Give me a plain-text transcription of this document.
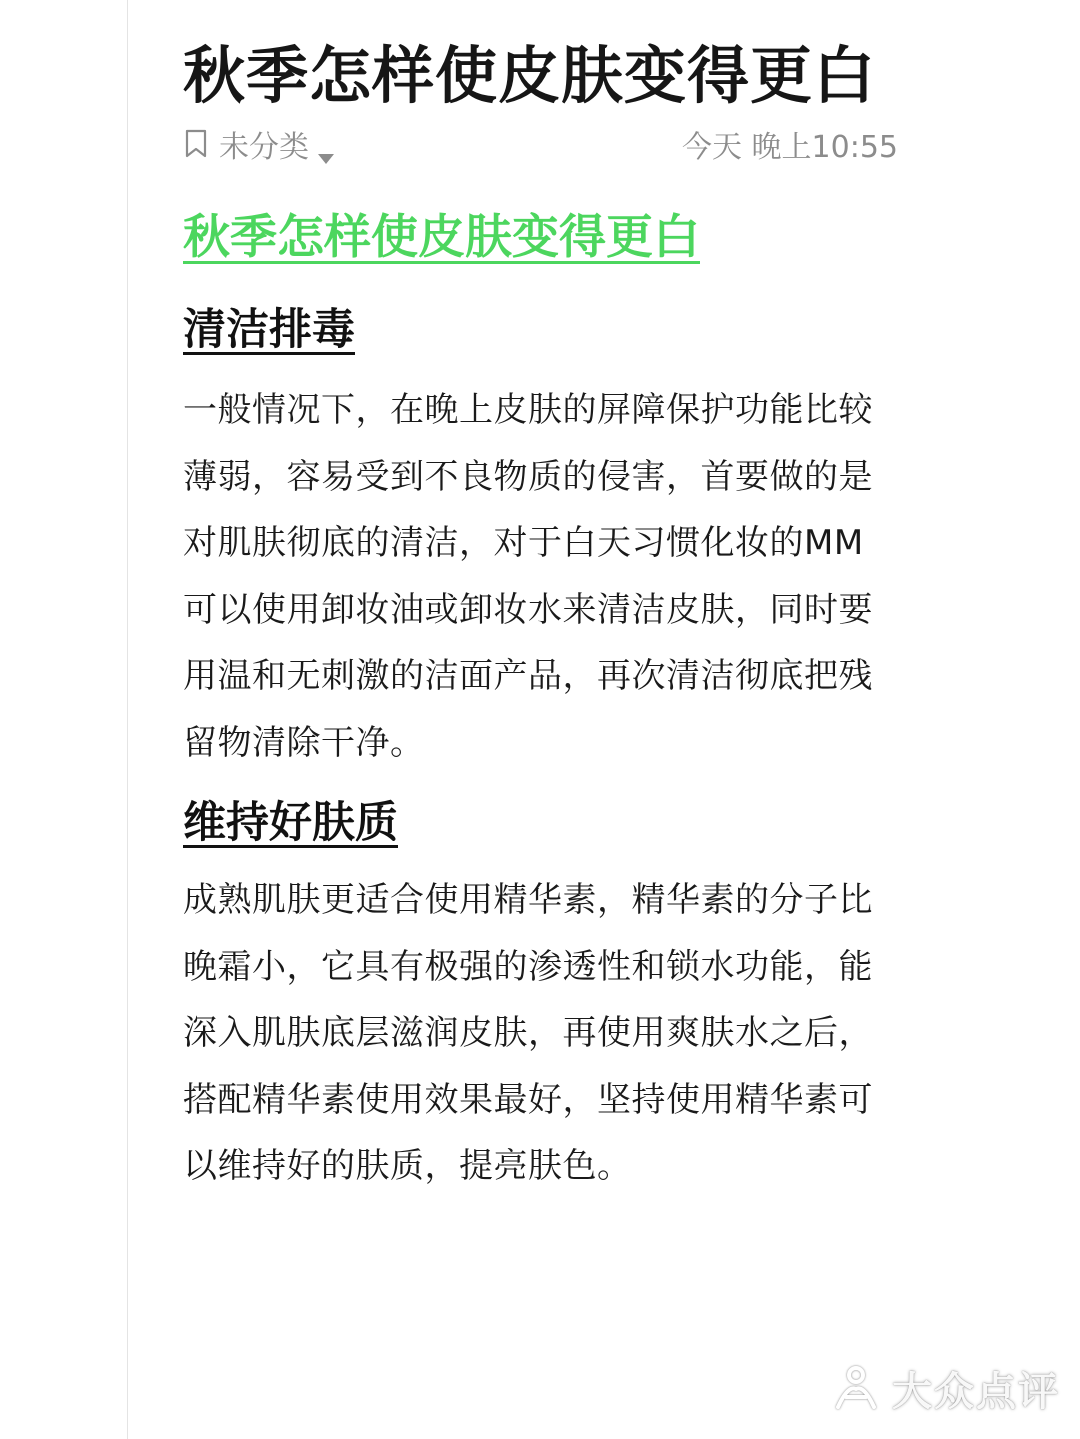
秋季怎样使皮肤变得更白
未分类	今天 晚上10:55
秋季怎样使皮肤变得更白
清洁排毒

一般情况下，在晚上皮肤的屏障保护功能比较薄弱，容易受到不良物质的侵害，首要做的是对肌肤彻底的清洁，对于白天习惯化妆的MM可以使用卸妆油或卸妆水来清洁皮肤，同时要用温和无刺激的洁面产品，再次清洁彻底把残留物清除干净。

维持好肤质

成熟肌肤更适合使用精华素，精华素的分子比晚霜小，它具有极强的渗透性和锁水功能，能深入肌肤底层滋润皮肤，再使用爽肤水之后，搭配精华素使用效果最好，坚持使用精华素可以维持好的肤质，提亮肤色。

大众点评
